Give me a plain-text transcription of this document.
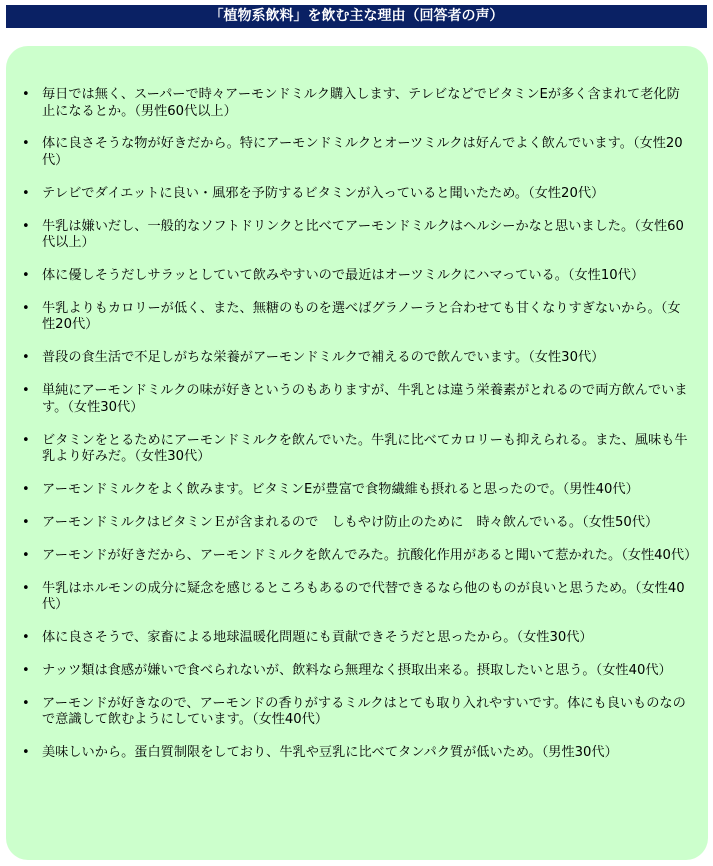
「植物系飲料」を飲む主な理由（回答者の声）
• 毎日では無く、スーパーで時々アーモンドミルク購入します、テレビなどでビタミンEが多く含まれて老化防止になるとか。（男性60代以上）
• 体に良さそうな物が好きだから。特にアーモンドミルクとオーツミルクは好んでよく飲んでいます。（女性20代）
• テレビでダイエットに良い・風邪を予防するビタミンが入っていると聞いたため。（女性20代）
• 牛乳は嫌いだし、一般的なソフトドリンクと比べてアーモンドミルクはヘルシーかなと思いました。（女性60代以上）
• 体に優しそうだしサラッとしていて飲みやすいので最近はオーツミルクにハマっている。（女性10代）
• 牛乳よりもカロリーが低く、また、無糖のものを選べばグラノーラと合わせても甘くなりすぎないから。（女性20代）
• 普段の食生活で不足しがちな栄養がアーモンドミルクで補えるので飲んでいます。（女性30代）
• 単純にアーモンドミルクの味が好きというのもありますが、牛乳とは違う栄養素がとれるので両方飲んでいます。（女性30代）
• ビタミンをとるためにアーモンドミルクを飲んでいた。牛乳に比べてカロリーも抑えられる。また、風味も牛乳より好みだ。（女性30代）
• アーモンドミルクをよく飲みます。ビタミンEが豊富で食物繊維も摂れると思ったので。（男性40代）
• アーモンドミルクはビタミンＥが含まれるので　しもやけ防止のために　時々飲んでいる。（女性50代）
• アーモンドが好きだから、アーモンドミルクを飲んでみた。抗酸化作用があると聞いて惹かれた。（女性40代）
• 牛乳はホルモンの成分に疑念を感じるところもあるので代替できるなら他のものが良いと思うため。（女性40代）
• 体に良さそうで、家畜による地球温暖化問題にも貢献できそうだと思ったから。（女性30代）
• ナッツ類は食感が嫌いで食べられないが、飲料なら無理なく摂取出来る。摂取したいと思う。（女性40代）
• アーモンドが好きなので、アーモンドの香りがするミルクはとても取り入れやすいです。体にも良いものなので意識して飲むようにしています。（女性40代）
• 美味しいから。蛋白質制限をしており、牛乳や豆乳に比べてタンパク質が低いため。（男性30代）
